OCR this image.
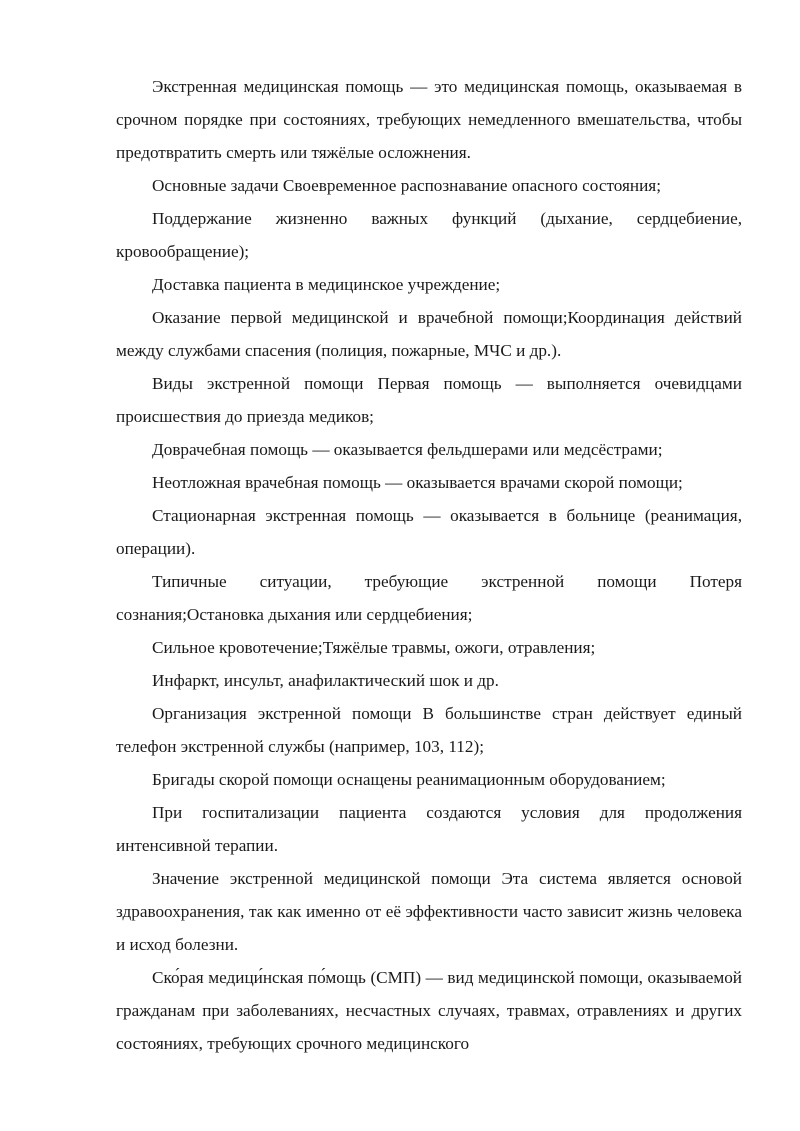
Экстренная медицинская помощь — это медицинская помощь, оказываемая в срочном порядке при состояниях, требующих немедленного вмешательства, чтобы предотвратить смерть или тяжёлые осложнения.

Основные задачи Своевременное распознавание опасного состояния;

Поддержание жизненно важных функций (дыхание, сердцебиение, кровообращение);

Доставка пациента в медицинское учреждение;

Оказание первой медицинской и врачебной помощи;Координация действий между службами спасения (полиция, пожарные, МЧС и др.).

Виды экстренной помощи Первая помощь — выполняется очевидцами происшествия до приезда медиков;

Доврачебная помощь — оказывается фельдшерами или медсёстрами;

Неотложная врачебная помощь — оказывается врачами скорой помощи;

Стационарная экстренная помощь — оказывается в больнице (реанимация, операции).

Типичные ситуации, требующие экстренной помощи Потеря сознания;Остановка дыхания или сердцебиения;

Сильное кровотечение;Тяжёлые травмы, ожоги, отравления;

Инфаркт, инсульт, анафилактический шок и др.

Организация экстренной помощи В большинстве стран действует единый телефон экстренной службы (например, 103, 112);

Бригады скорой помощи оснащены реанимационным оборудованием;

При госпитализации пациента создаются условия для продолжения интенсивной терапии.

Значение экстренной медицинской помощи Эта система является основой здравоохранения, так как именно от её эффективности часто зависит жизнь человека и исход болезни.

Ско́рая медици́нская по́мощь (СМП) — вид медицинской помощи, оказываемой гражданам при заболеваниях, несчастных случаях, травмах, отравлениях и других состояниях, требующих срочного медицинского
